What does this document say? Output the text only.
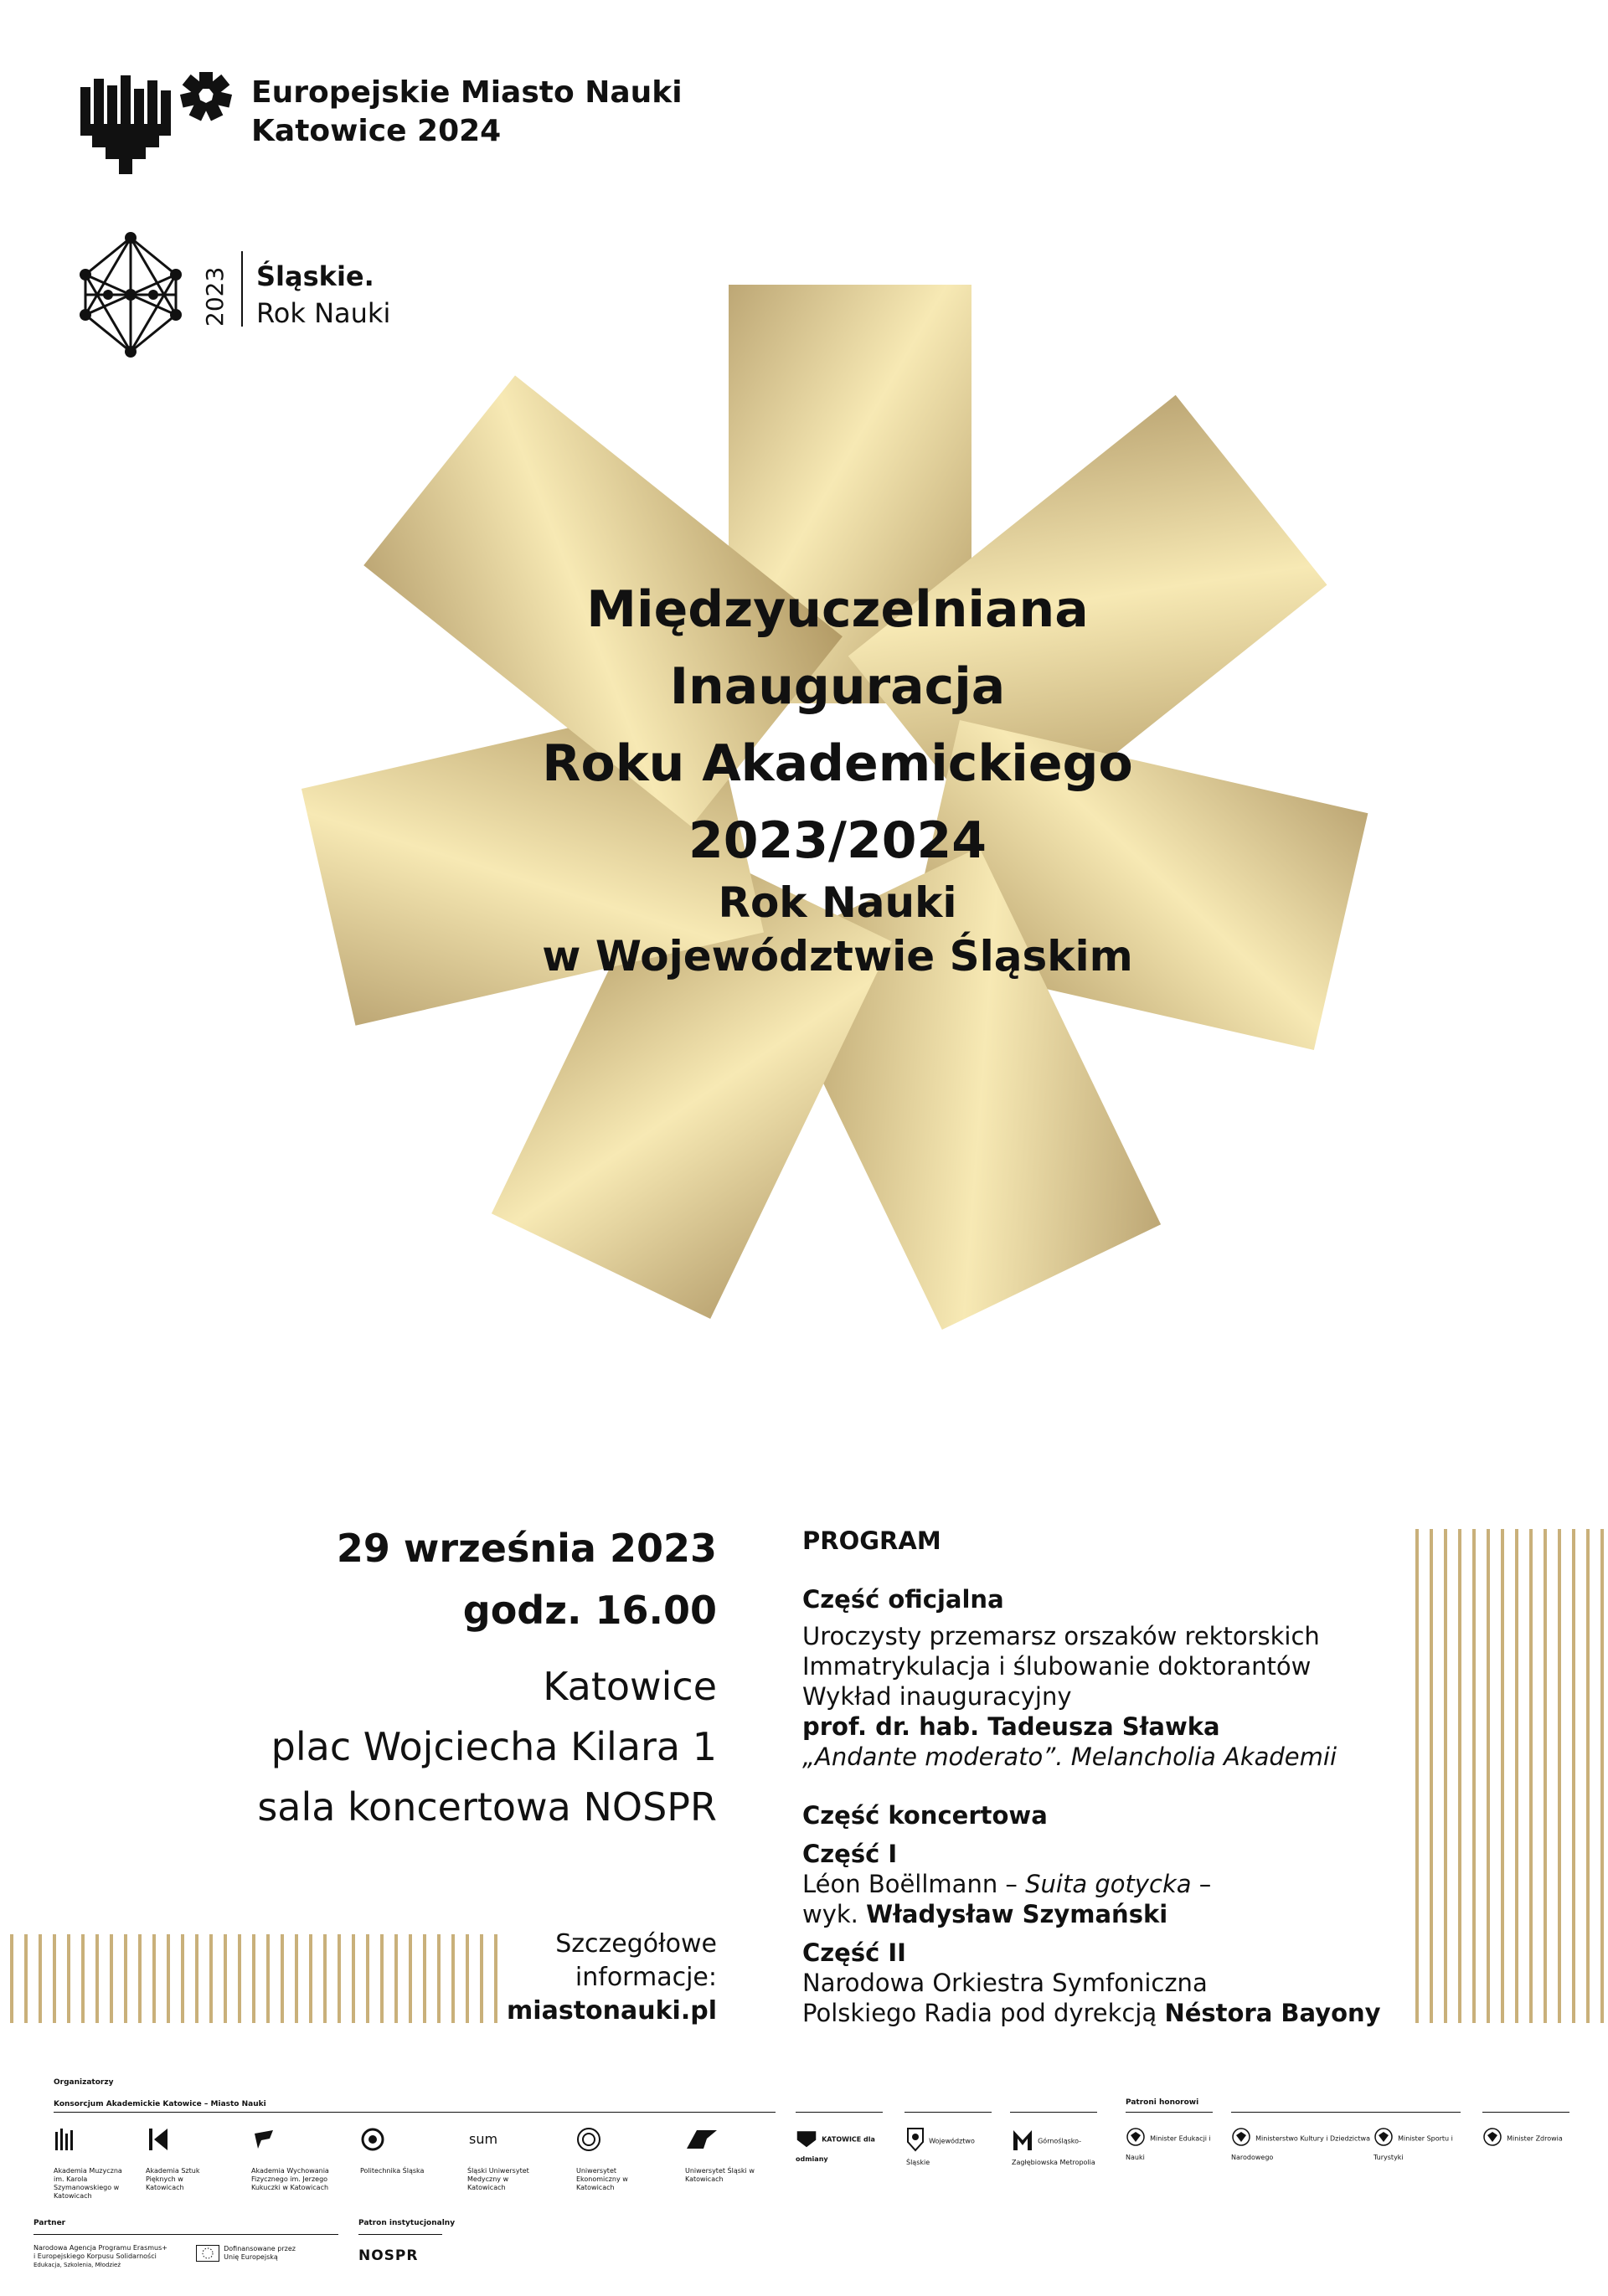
Europejskie Miasto Nauki
Katowice 2024
2023 Śląskie.
Rok Nauki
Międzyuczelniana
Inauguracja
Roku Akademickiego
2023/2024
Rok Nauki
w Województwie Śląskim
29 września 2023
godz. 16.00
Katowice
plac Wojciecha Kilara 1
sala koncertowa NOSPR
Szczegółowe
informacje:
miastonauki.pl

PROGRAM

Część oficjalna

Uroczysty przemarsz orszaków rektorskich

Immatrykulacja i ślubowanie doktorantów

Wykład inauguracyjny

prof. dr. hab. Tadeusza Sławka

„Andante moderato”. Melancholia Akademii

Część koncertowa

Część I

Léon Boëllmann – Suita gotycka –

wyk. Władysław Szymański

Część II

Narodowa Orkiestra Symfoniczna

Polskiego Radia pod dyrekcją Néstora Bayony

Organizatorzy
Konsorcjum Akademickie Katowice – Miasto Nauki	Patroni honorowi
Akademia Muzyczna im. Karola Szymanowskiego w Katowicach
Akademia Sztuk Pięknych w Katowicach
Akademia Wychowania Fizycznego im. Jerzego Kukuczki w Katowicach
Politechnika Śląska
sum
Śląski Uniwersytet Medyczny w Katowicach
Uniwersytet Ekonomiczny w Katowicach
Uniwersytet Śląski w Katowicach
KATOWICE dla odmiany
Województwo Śląskie
Górnośląsko-Zagłębiowska Metropolia
Minister Edukacji i Nauki
Ministerstwo Kultury i Dziedzictwa Narodowego
Minister Sportu i Turystyki
Minister Zdrowia
Partner
Narodowa Agencja Programu Erasmus+
i Europejskiego Korpusu Solidarności
Edukacja, Szkolenia, Młodzież

Dofinansowane przez
Unię Europejską
Patron instytucjonalny
NOSPR
